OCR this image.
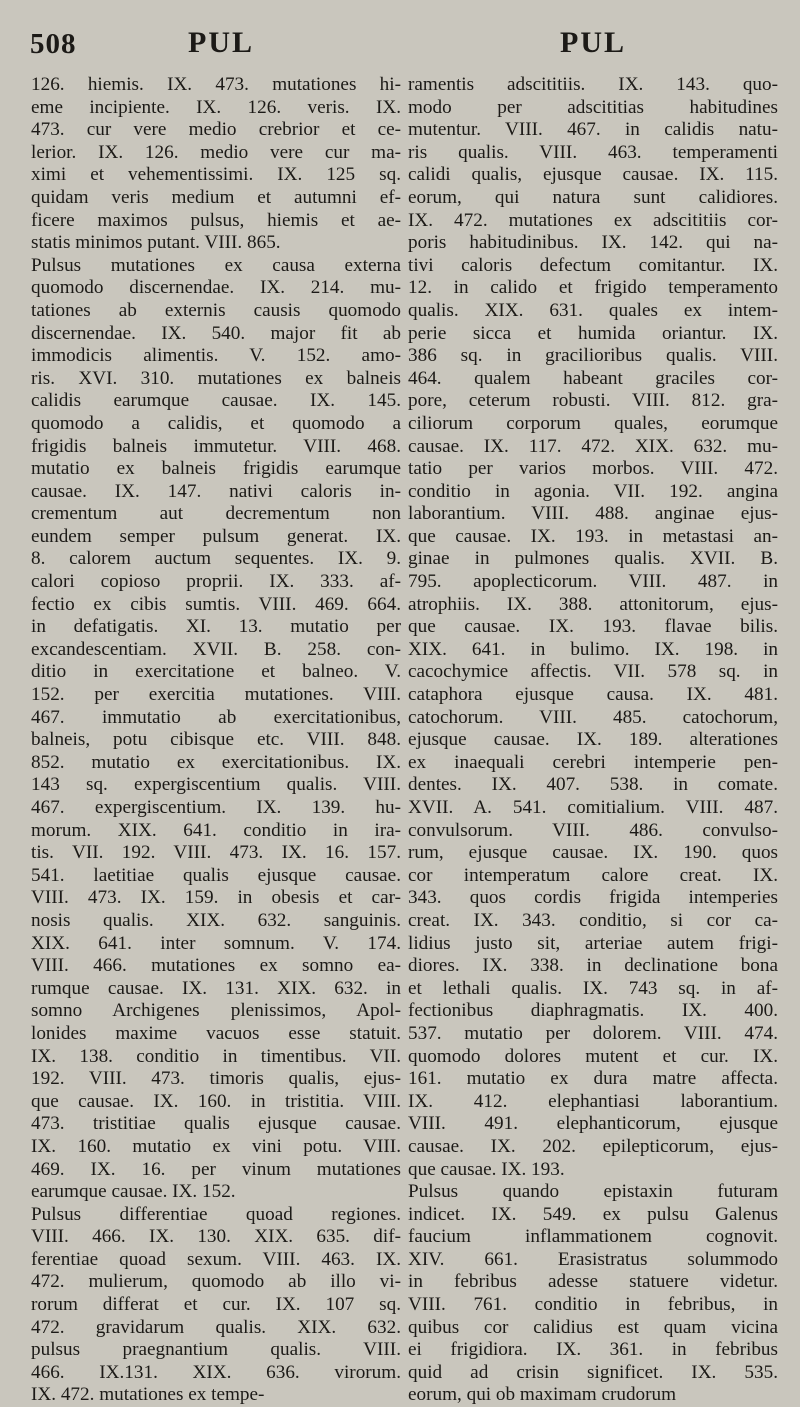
508	PUL	PUL
126. hiemis. IX. 473. mutationes hi-
eme incipiente. IX. 126. veris. IX.
473. cur vere medio crebrior et ce-
lerior. IX. 126. medio vere cur ma-
ximi et vehementissimi. IX. 125 sq.
quidam veris medium et autumni ef-
ficere maximos pulsus, hiemis et ae-
statis minimos putant. VIII. 865.
Pulsus mutationes ex causa externa
quomodo discernendae. IX. 214. mu-
tationes ab externis causis quomodo
discernendae. IX. 540. major fit ab
immodicis alimentis. V. 152. amo-
ris. XVI. 310. mutationes ex balneis
calidis earumque causae. IX. 145.
quomodo a calidis, et quomodo a
frigidis balneis immutetur. VIII. 468.
mutatio ex balneis frigidis earumque
causae. IX. 147. nativi caloris in-
crementum aut decrementum non
eundem semper pulsum generat. IX.
8. calorem auctum sequentes. IX. 9.
calori copioso proprii. IX. 333. af-
fectio ex cibis sumtis. VIII. 469. 664.
in defatigatis. XI. 13. mutatio per
excandescentiam. XVII. B. 258. con-
ditio in exercitatione et balneo. V.
152. per exercitia mutationes. VIII.
467. immutatio ab exercitationibus,
balneis, potu cibisque etc. VIII. 848.
852. mutatio ex exercitationibus. IX.
143 sq. expergiscentium qualis. VIII.
467. expergiscentium. IX. 139. hu-
morum. XIX. 641. conditio in ira-
tis. VII. 192. VIII. 473. IX. 16. 157.
541. laetitiae qualis ejusque causae.
VIII. 473. IX. 159. in obesis et car-
nosis qualis. XIX. 632. sanguinis.
XIX. 641. inter somnum. V. 174.
VIII. 466. mutationes ex somno ea-
rumque causae. IX. 131. XIX. 632. in
somno Archigenes plenissimos, Apol-
lonides maxime vacuos esse statuit.
IX. 138. conditio in timentibus. VII.
192. VIII. 473. timoris qualis, ejus-
que causae. IX. 160. in tristitia. VIII.
473. tristitiae qualis ejusque causae.
IX. 160. mutatio ex vini potu. VIII.
469. IX. 16. per vinum mutationes
earumque causae. IX. 152.
Pulsus differentiae quoad regiones.
VIII. 466. IX. 130. XIX. 635. dif-
ferentiae quoad sexum. VIII. 463. IX.
472. mulierum, quomodo ab illo vi-
rorum differat et cur. IX. 107 sq.
472. gravidarum qualis. XIX. 632.
pulsus praegnantium qualis. VIII.
466. IX.131. XIX. 636. virorum.
IX. 472. mutationes ex tempe-
ramentis adscititiis. IX. 143. quo-
modo per adscititias habitudines
mutentur. VIII. 467. in calidis natu-
ris qualis. VIII. 463. temperamenti
calidi qualis, ejusque causae. IX. 115.
eorum, qui natura sunt calidiores.
IX. 472. mutationes ex adscititiis cor-
poris habitudinibus. IX. 142. qui na-
tivi caloris defectum comitantur. IX.
12. in calido et frigido temperamento
qualis. XIX. 631. quales ex intem-
perie sicca et humida oriantur. IX.
386 sq. in gracilioribus qualis. VIII.
464. qualem habeant graciles cor-
pore, ceterum robusti. VIII. 812. gra-
ciliorum corporum quales, eorumque
causae. IX. 117. 472. XIX. 632. mu-
tatio per varios morbos. VIII. 472.
conditio in agonia. VII. 192. angina
laborantium. VIII. 488. anginae ejus-
que causae. IX. 193. in metastasi an-
ginae in pulmones qualis. XVII. B.
795. apoplecticorum. VIII. 487. in
atrophiis. IX. 388. attonitorum, ejus-
que causae. IX. 193. flavae bilis.
XIX. 641. in bulimo. IX. 198. in
cacochymice affectis. VII. 578 sq. in
cataphora ejusque causa. IX. 481.
catochorum. VIII. 485. catochorum,
ejusque causae. IX. 189. alterationes
ex inaequali cerebri intemperie pen-
dentes. IX. 407. 538. in comate.
XVII. A. 541. comitialium. VIII. 487.
convulsorum. VIII. 486. convulso-
rum, ejusque causae. IX. 190. quos
cor intemperatum calore creat. IX.
343. quos cordis frigida intemperies
creat. IX. 343. conditio, si cor ca-
lidius justo sit, arteriae autem frigi-
diores. IX. 338. in declinatione bona
et lethali qualis. IX. 743 sq. in af-
fectionibus diaphragmatis. IX. 400.
537. mutatio per dolorem. VIII. 474.
quomodo dolores mutent et cur. IX.
161. mutatio ex dura matre affecta.
IX. 412. elephantiasi laborantium.
VIII. 491. elephanticorum, ejusque
causae. IX. 202. epilepticorum, ejus-
que causae. IX. 193.
Pulsus quando epistaxin futuram
indicet. IX. 549. ex pulsu Galenus
faucium inflammationem cognovit.
XIV. 661. Erasistratus solummodo
in febribus adesse statuere videtur.
VIII. 761. conditio in febribus, in
quibus cor calidius est quam vicina
ei frigidiora. IX. 361. in febribus
quid ad crisin significet. IX. 535.
eorum, qui ob maximam crudorum
